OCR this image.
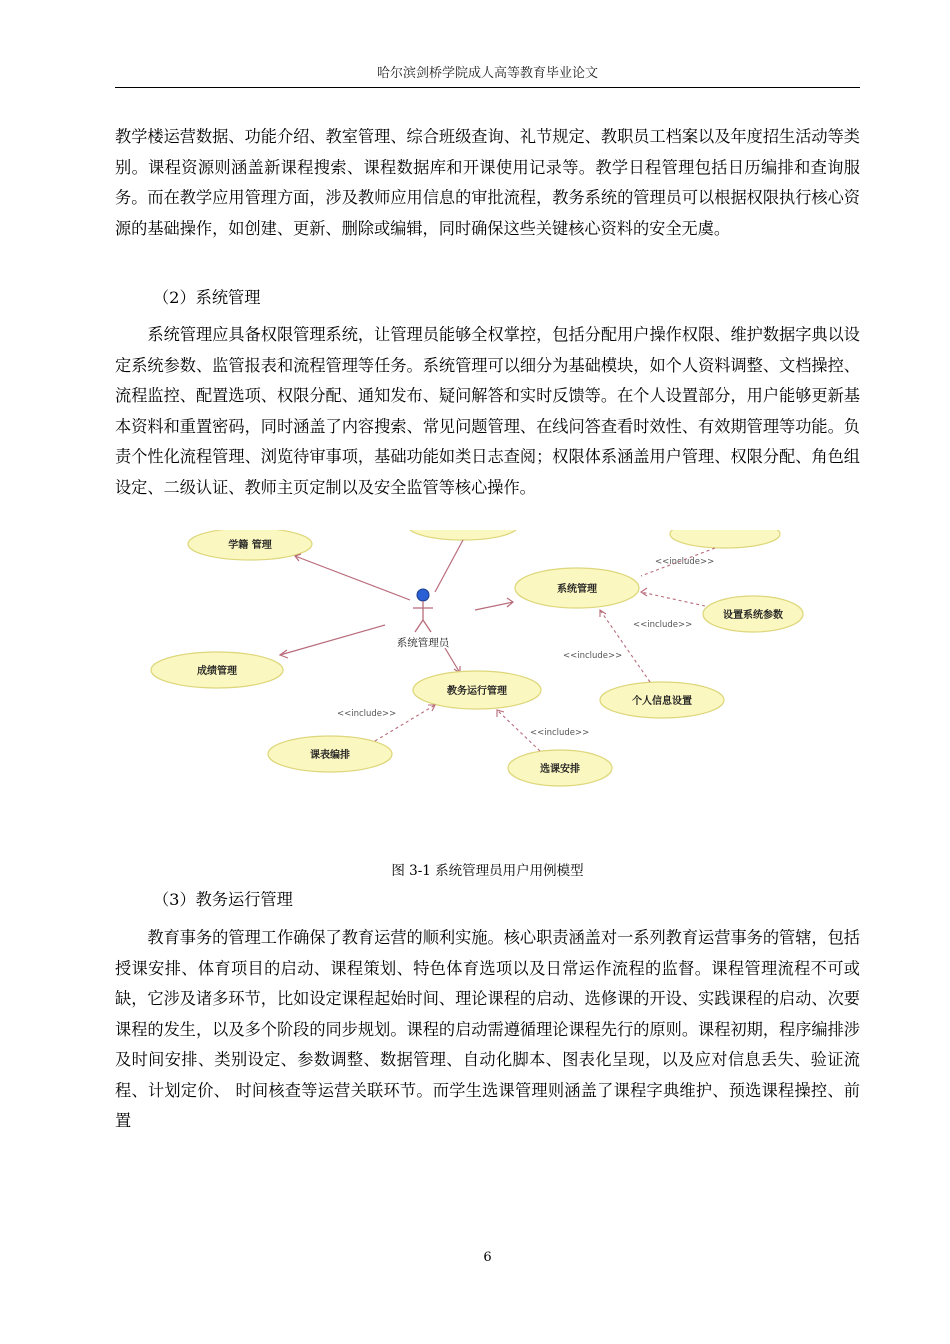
哈尔滨剑桥学院成人高等教育毕业论文

教学楼运营数据、功能介绍、教室管理、综合班级查询、礼节规定、教职员工档案以及年度招生活动等类别。课程资源则涵盖新课程搜索、课程数据库和开课使用记录等。教学日程管理包括日历编排和查询服务。而在教学应用管理方面，涉及教师应用信息的审批流程，教务系统的管理员可以根据权限执行核心资源的基础操作，如创建、更新、删除或编辑，同时确保这些关键核心资料的安全无虞。

（2）系统管理

系统管理应具备权限管理系统，让管理员能够全权掌控，包括分配用户操作权限、维护数据字典以设定系统参数、监管报表和流程管理等任务。系统管理可以细分为基础模块，如个人资料调整、文档操控、流程监控、配置选项、权限分配、通知发布、疑问解答和实时反馈等。在个人设置部分，用户能够更新基本资料和重置密码，同时涵盖了内容搜索、常见问题管理、在线问答查看时效性、有效期管理等功能。负责个性化流程管理、浏览待审事项，基础功能如类日志查阅；权限体系涵盖用户管理、权限分配、角色组设定、二级认证、教师主页定制以及安全监管等核心操作。

学籍 管理
系统管理员
系统管理
设置系统参数
个人信息设置
成绩管理
教务运行管理
课表编排
选课安排
<<include>>
<<include>>
<<include>>
<<include>>
<<include>>
图 3-1 系统管理员用户用例模型

（3）教务运行管理

教育事务的管理工作确保了教育运营的顺利实施。核心职责涵盖对一系列教育运营事务的管辖，包括授课安排、体育项目的启动、课程策划、特色体育选项以及日常运作流程的监督。课程管理流程不可或缺，它涉及诸多环节，比如设定课程起始时间、理论课程的启动、选修课的开设、实践课程的启动、次要课程的发生，以及多个阶段的同步规划。课程的启动需遵循理论课程先行的原则。课程初期，程序编排涉及时间安排、类别设定、参数调整、数据管理、自动化脚本、图表化呈现，以及应对信息丢失、验证流程、计划定价、 时间核查等运营关联环节。而学生选课管理则涵盖了课程字典维护、预选课程操控、前置

6
